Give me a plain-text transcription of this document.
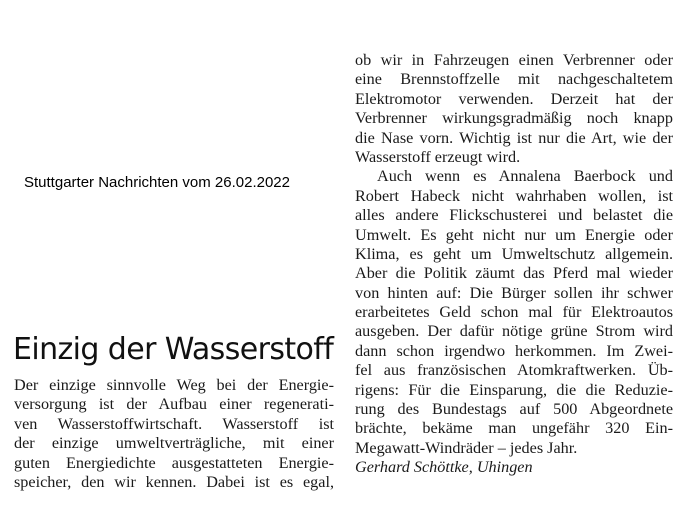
Stuttgarter Nachrichten vom 26.02.2022
Einzig der Wasserstoff
Der einzige sinnvolle Weg bei der Energie-
versorgung ist der Aufbau einer regenerati-
ven Wasserstoffwirtschaft. Wasserstoff ist
der einzige umweltverträgliche, mit einer
guten Energiedichte ausgestatteten Energie-
speicher, den wir kennen. Dabei ist es egal,
ob wir in Fahrzeugen einen Verbrenner oder
eine Brennstoffzelle mit nachgeschaltetem
Elektromotor verwenden. Derzeit hat der
Verbrenner wirkungsgradmäßig noch knapp
die Nase vorn. Wichtig ist nur die Art, wie der
Wasserstoff erzeugt wird.
Auch wenn es Annalena Baerbock und
Robert Habeck nicht wahrhaben wollen, ist
alles andere Flickschusterei und belastet die
Umwelt. Es geht nicht nur um Energie oder
Klima, es geht um Umweltschutz allgemein.
Aber die Politik zäumt das Pferd mal wieder
von hinten auf: Die Bürger sollen ihr schwer
erarbeitetes Geld schon mal für Elektroautos
ausgeben. Der dafür nötige grüne Strom wird
dann schon irgendwo herkommen. Im Zwei-
fel aus französischen Atomkraftwerken. Üb-
rigens: Für die Einsparung, die die Reduzie-
rung des Bundestags auf 500 Abgeordnete
brächte, bekäme man ungefähr 320 Ein-
Megawatt-Windräder – jedes Jahr.
Gerhard Schöttke, Uhingen
